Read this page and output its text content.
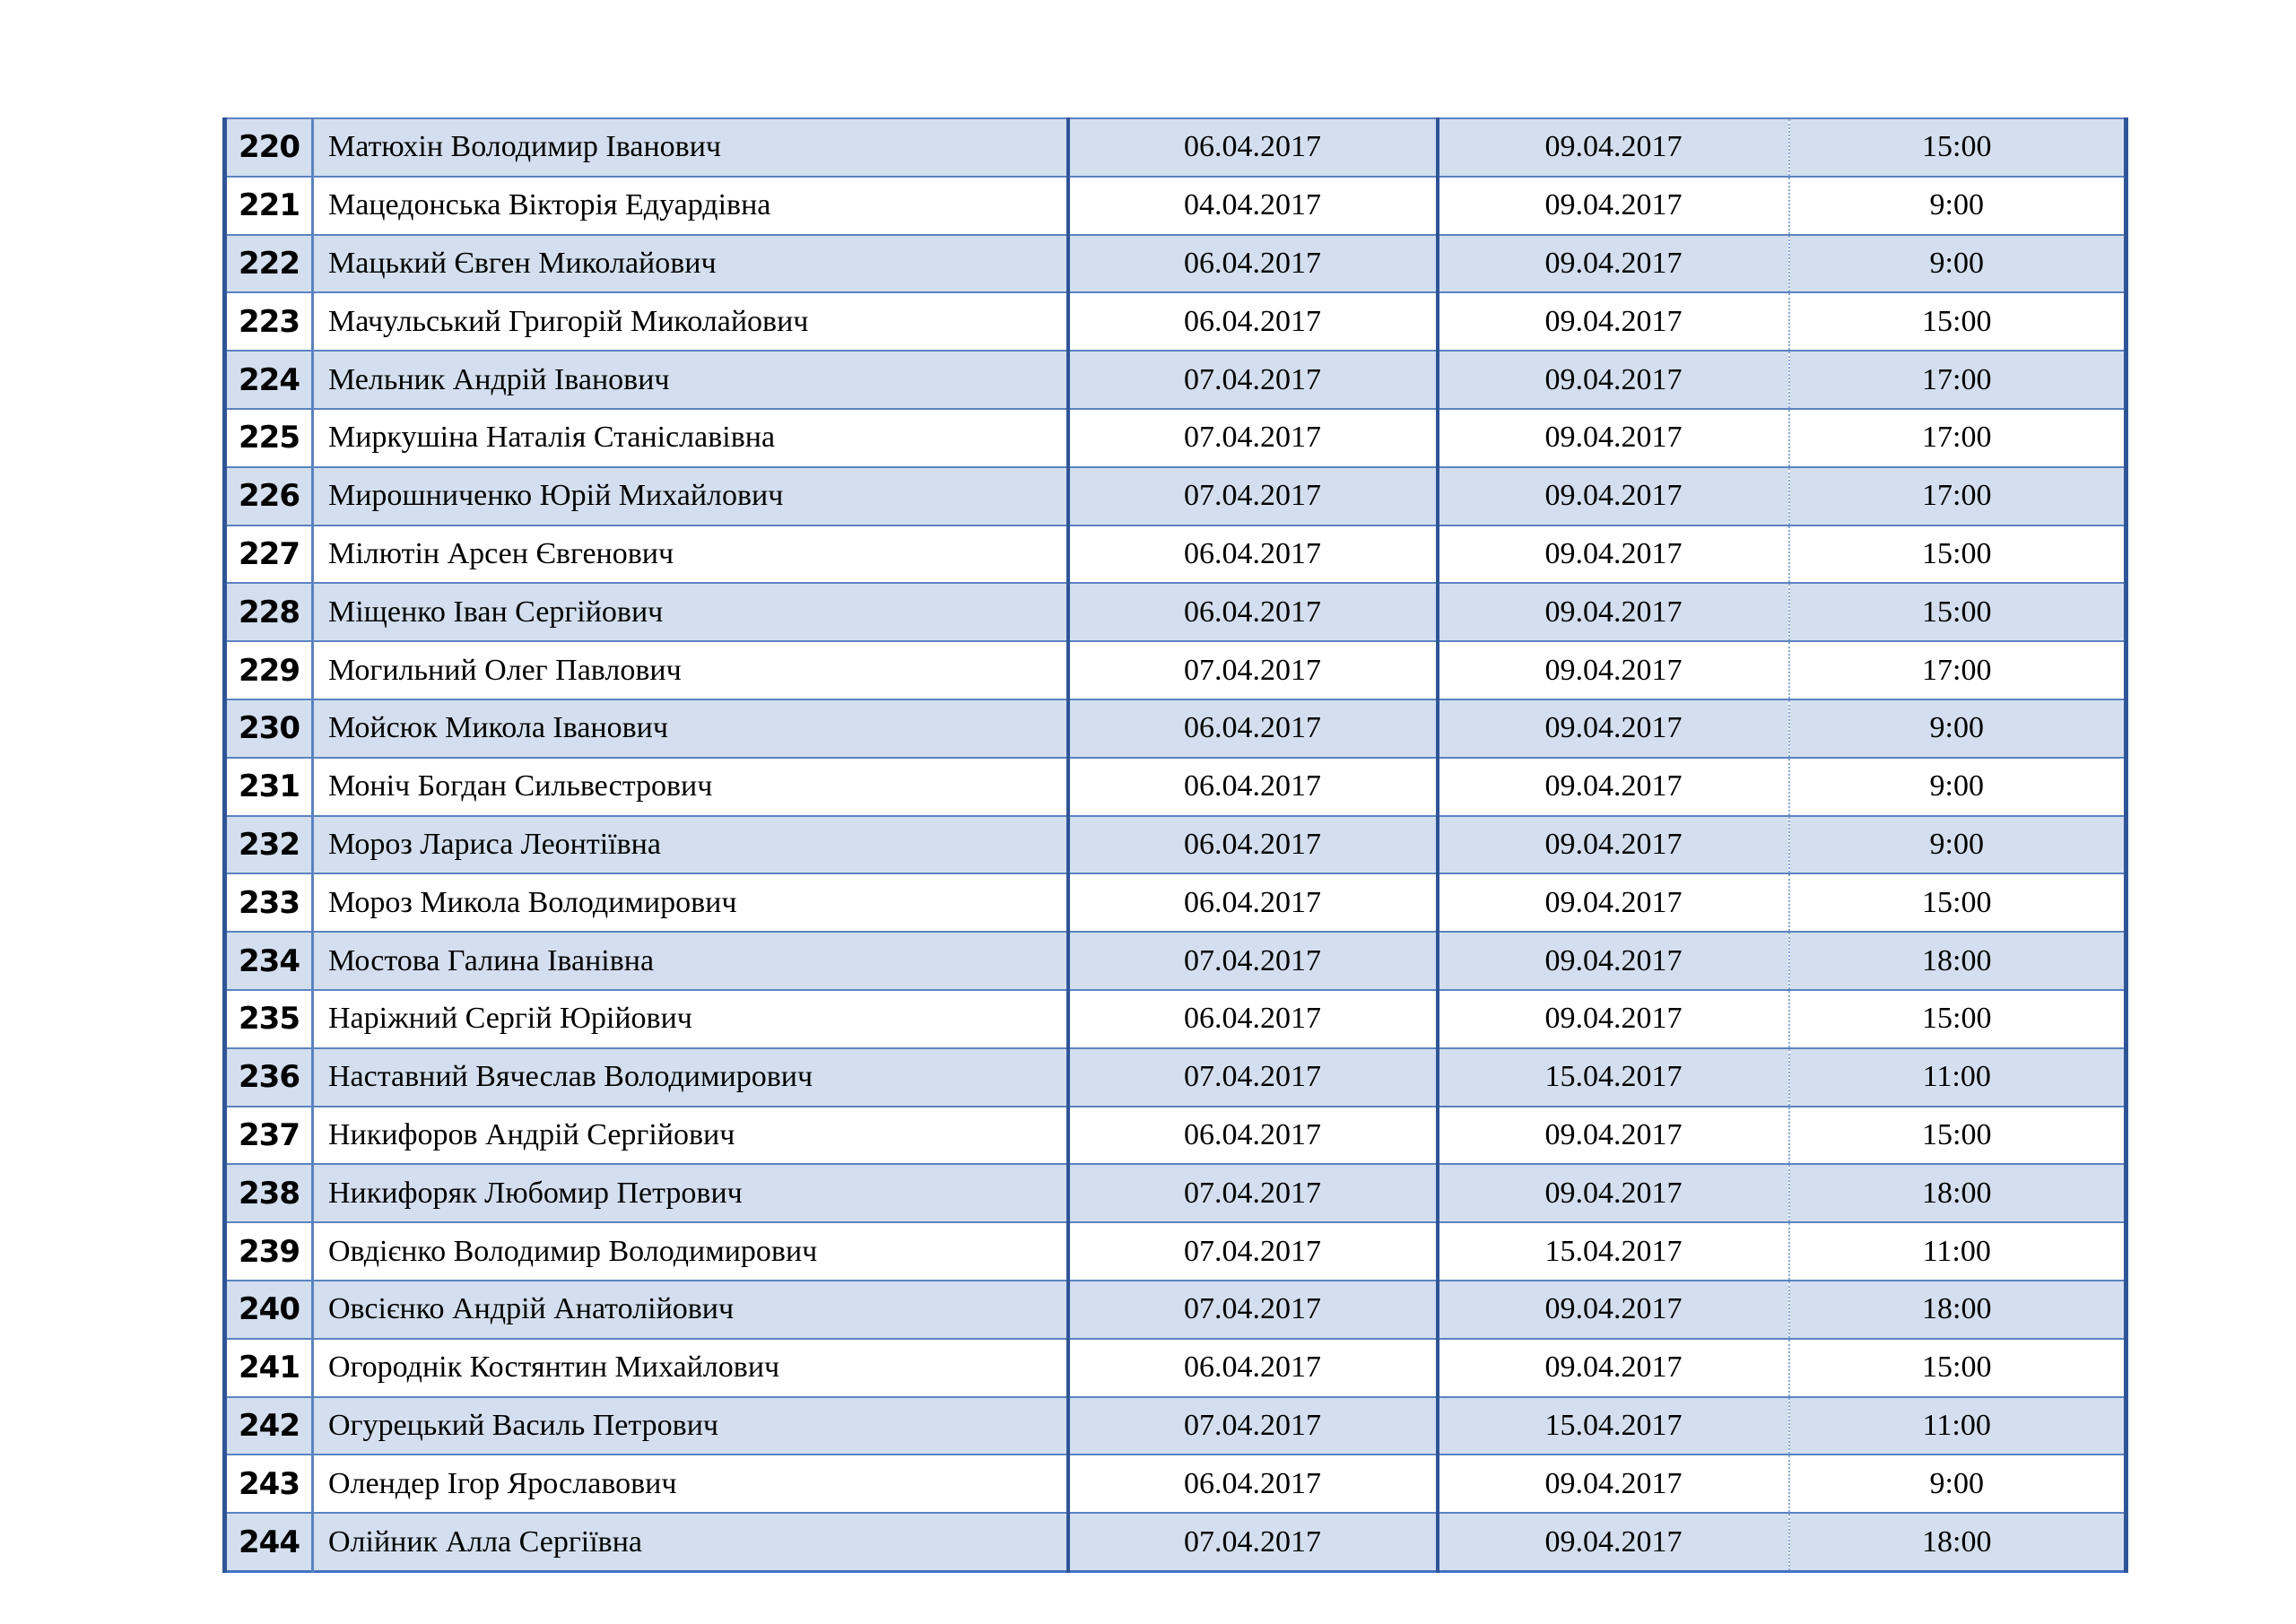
220	Матюхін Володимир Іванович	06.04.2017	09.04.2017	15:00
221	Мацедонська Вікторія Едуардівна	04.04.2017	09.04.2017	9:00
222	Мацький Євген Миколайович	06.04.2017	09.04.2017	9:00
223	Мачульський Григорій Миколайович	06.04.2017	09.04.2017	15:00
224	Мельник Андрій Іванович	07.04.2017	09.04.2017	17:00
225	Миркушіна Наталія Станіславівна	07.04.2017	09.04.2017	17:00
226	Мирошниченко Юрій Михайлович	07.04.2017	09.04.2017	17:00
227	Мілютін Арсен Євгенович	06.04.2017	09.04.2017	15:00
228	Міщенко Іван Сергійович	06.04.2017	09.04.2017	15:00
229	Могильний Олег Павлович	07.04.2017	09.04.2017	17:00
230	Мойсюк Микола Іванович	06.04.2017	09.04.2017	9:00
231	Моніч Богдан Сильвестрович	06.04.2017	09.04.2017	9:00
232	Мороз Лариса Леонтіївна	06.04.2017	09.04.2017	9:00
233	Мороз Микола Володимирович	06.04.2017	09.04.2017	15:00
234	Мостова Галина Іванівна	07.04.2017	09.04.2017	18:00
235	Наріжний Сергій Юрійович	06.04.2017	09.04.2017	15:00
236	Наставний Вячеслав Володимирович	07.04.2017	15.04.2017	11:00
237	Никифоров Андрій Сергійович	06.04.2017	09.04.2017	15:00
238	Никифоряк Любомир Петрович	07.04.2017	09.04.2017	18:00
239	Овдієнко Володимир Володимирович	07.04.2017	15.04.2017	11:00
240	Овсієнко Андрій Анатолійович	07.04.2017	09.04.2017	18:00
241	Огороднік Костянтин Михайлович	06.04.2017	09.04.2017	15:00
242	Огурецький Василь Петрович	07.04.2017	15.04.2017	11:00
243	Олендер Ігор Ярославович	06.04.2017	09.04.2017	9:00
244	Олійник Алла Сергіївна	07.04.2017	09.04.2017	18:00
